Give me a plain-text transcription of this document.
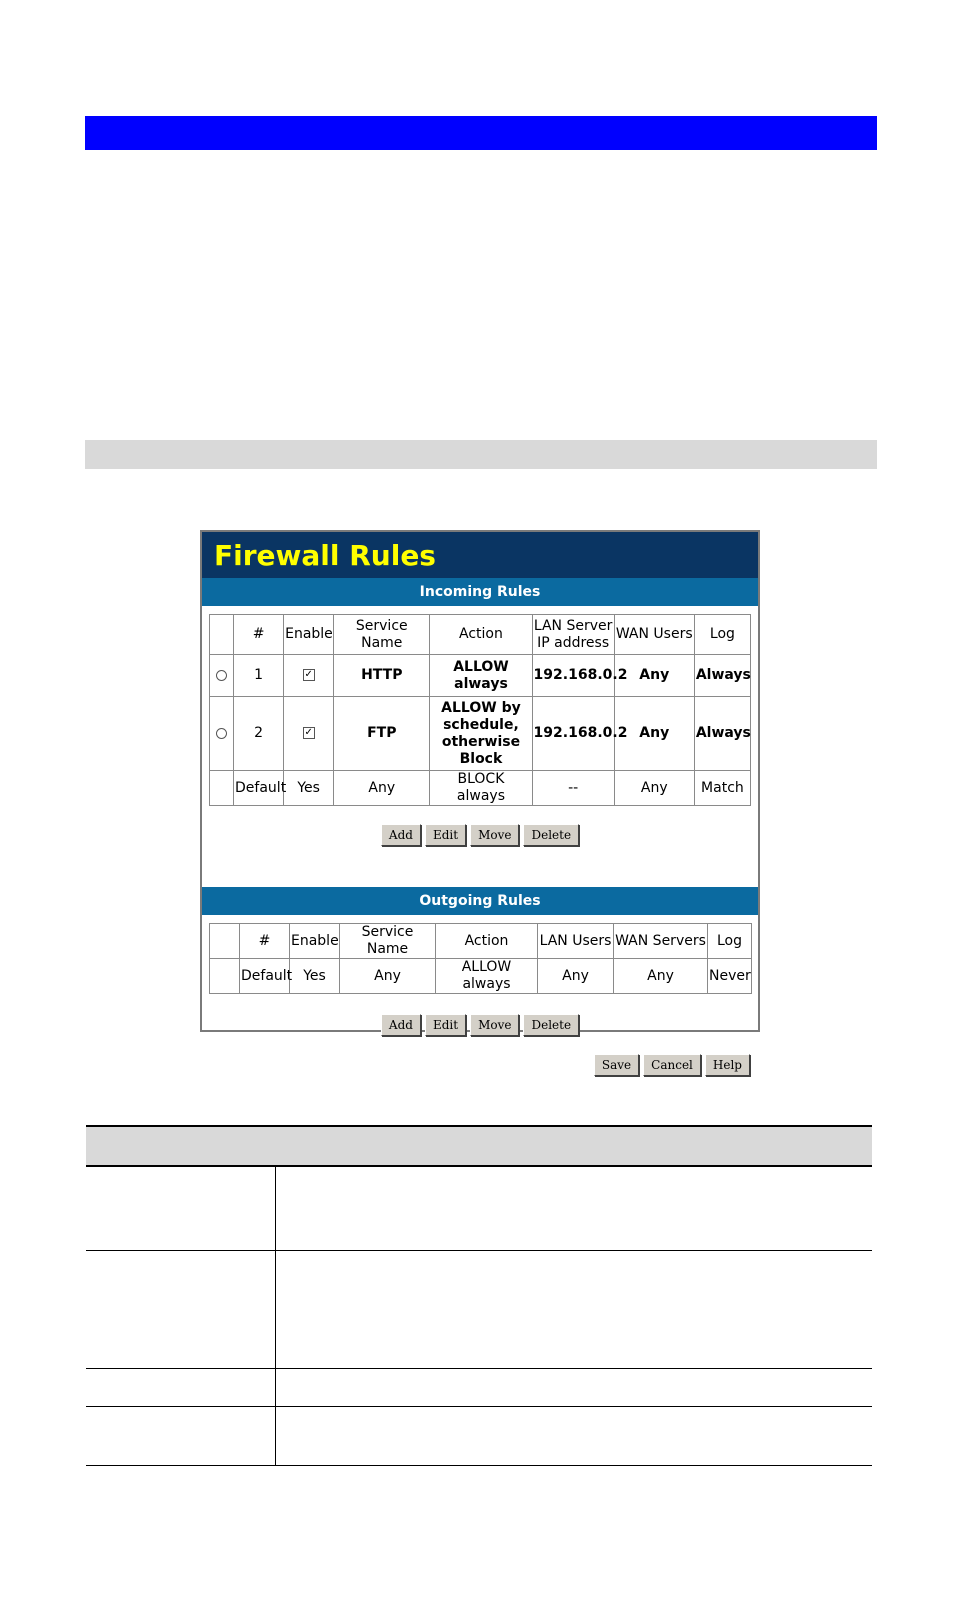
Firewall Rules
Incoming Rules
	#	Enable	Service Name	Action	LAN Server IP address	WAN Users	Log
	1	✓	HTTP	ALLOW always	192.168.0.2	Any	Always
	2	✓	FTP	ALLOW by schedule, otherwise Block	192.168.0.2	Any	Always
	Default	Yes	Any	BLOCK always	--	Any	Match
Add Edit Move Delete
Outgoing Rules
	#	Enable	Service Name	Action	LAN Users	WAN Servers	Log
	Default	Yes	Any	ALLOW always	Any	Any	Never
Add Edit Move Delete
Save Cancel Help
